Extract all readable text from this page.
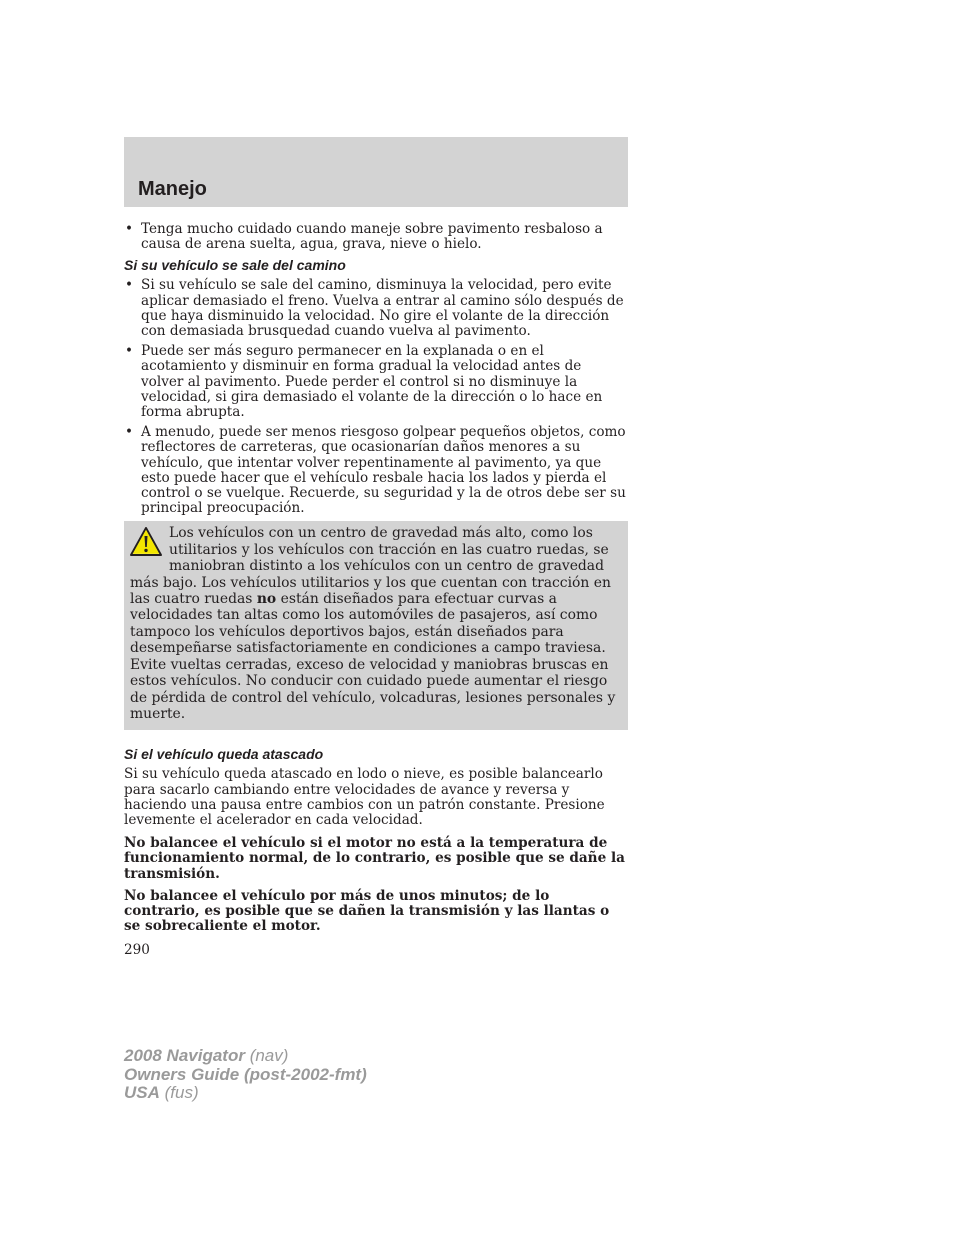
Manejo
• Tenga mucho cuidado cuando maneje sobre pavimento resbaloso a causa de arena suelta, agua, grava, nieve o hielo.
Si su vehículo se sale del camino
• Si su vehículo se sale del camino, disminuya la velocidad, pero evite aplicar demasiado el freno. Vuelva a entrar al camino sólo después de que haya disminuido la velocidad. No gire el volante de la dirección con demasiada brusquedad cuando vuelva al pavimento.
• Puede ser más seguro permanecer en la explanada o en el acotamiento y disminuir en forma gradual la velocidad antes de volver al pavimento. Puede perder el control si no disminuye la velocidad, si gira demasiado el volante de la dirección o lo hace en forma abrupta.
• A menudo, puede ser menos riesgoso golpear pequeños objetos, como reflectores de carreteras, que ocasionarían daños menores a su vehículo, que intentar volver repentinamente al pavimento, ya que esto puede hacer que el vehículo resbale hacia los lados y pierda el control o se vuelque. Recuerde, su seguridad y la de otros debe ser su principal preocupación.
Los vehículos con un centro de gravedad más alto, como los utilitarios y los vehículos con tracción en las cuatro ruedas, se maniobran distinto a los vehículos con un centro de gravedad más bajo. Los vehículos utilitarios y los que cuentan con tracción en las cuatro ruedas no están diseñados para efectuar curvas a velocidades tan altas como los automóviles de pasajeros, así como tampoco los vehículos deportivos bajos, están diseñados para desempeñarse satisfactoriamente en condiciones a campo traviesa. Evite vueltas cerradas, exceso de velocidad y maniobras bruscas en estos vehículos. No conducir con cuidado puede aumentar el riesgo de pérdida de control del vehículo, volcaduras, lesiones personales y muerte.
Si el vehículo queda atascado

Si su vehículo queda atascado en lodo o nieve, es posible balancearlo para sacarlo cambiando entre velocidades de avance y reversa y haciendo una pausa entre cambios con un patrón constante. Presione levemente el acelerador en cada velocidad.

No balancee el vehículo si el motor no está a la temperatura de funcionamiento normal, de lo contrario, es posible que se dañe la transmisión.

No balancee el vehículo por más de unos minutos; de lo contrario, es posible que se dañen la transmisión y las llantas o se sobrecaliente el motor.

290
2008 Navigator (nav)
Owners Guide (post-2002-fmt)
USA (fus)
